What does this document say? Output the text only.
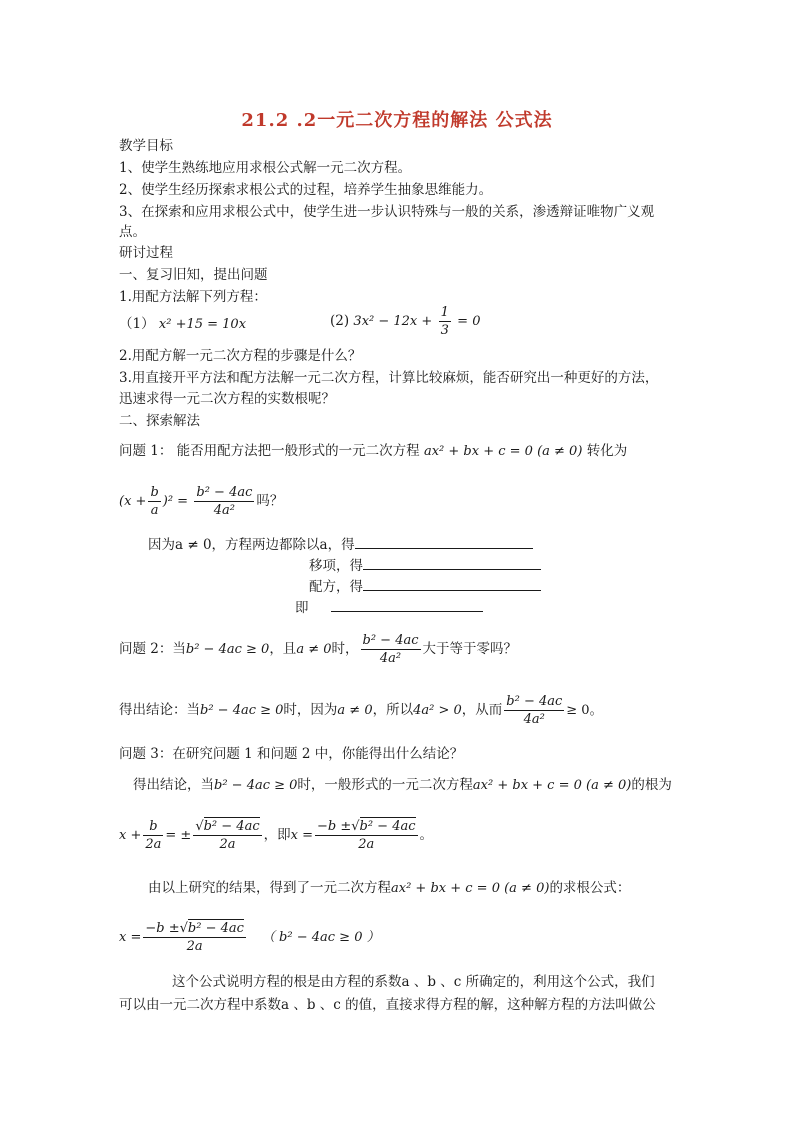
21.2 .2一元二次方程的解法 公式法
教学目标
1、使学生熟练地应用求根公式解一元二次方程。
2、使学生经历探索求根公式的过程，培养学生抽象思维能力。
3、在探索和应用求根公式中，使学生进一步认识特殊与一般的关系，渗透辩证唯物广义观
点。
研讨过程
一、复习旧知，提出问题
1.用配方法解下列方程：
（1） x² +15 = 10x	(2) $3x^2 - 12x + \frac{1}{3} = 0$
2.用配方解一元二次方程的步骤是什么？
3.用直接开平方法和配方法解一元二次方程，计算比较麻烦，能否研究出一种更好的方法，
迅速求得一元二次方程的实数根呢？
二、探索解法
问题 1： 能否用配方法把一般形式的一元二次方程 ax² + bx + c = 0 (a ≠ 0) 转化为
$(x + \frac{b}{a} )^2 = \frac{\text{b² − 4ac}}{\text{4a²}}$ 吗？
因为a ≠ 0，方程两边都除以a，得
移项，得
配方，得
即
问题 2：当b² − 4ac ≥ 0，且a ≠ 0时， $\frac{\text{b² − 4ac}}{\text{4a²}}$ 大于等于零吗？
得出结论：当b² − 4ac ≥ 0时，因为a ≠ 0，所以4a² > 0，从而 $\frac{\text{b² − 4ac}}{\text{4a²}} \ge 0$。
问题 3：在研究问题 1 和问题 2 中，你能得出什么结论？
得出结论，当b² − 4ac ≥ 0时，一般形式的一元二次方程ax² + bx + c = 0 (a ≠ 0)的根为
$x + \frac{b}{2a}$ = ± $\frac{\text{√b² − 4ac}}{2a}$ ，即$x = \frac{\text{−b ±√b² − 4ac}}{2a}$ 。
由以上研究的结果，得到了一元二次方程ax² + bx + c = 0 (a ≠ 0)的求根公式：
$x = \frac{\text{−b ±√b² − 4ac}}{2a}$ （ b² − 4ac ≥ 0 ）
这个公式说明方程的根是由方程的系数a 、b 、c 所确定的，利用这个公式，我们
可以由一元二次方程中系数a 、b 、c 的值，直接求得方程的解，这种解方程的方法叫做公
